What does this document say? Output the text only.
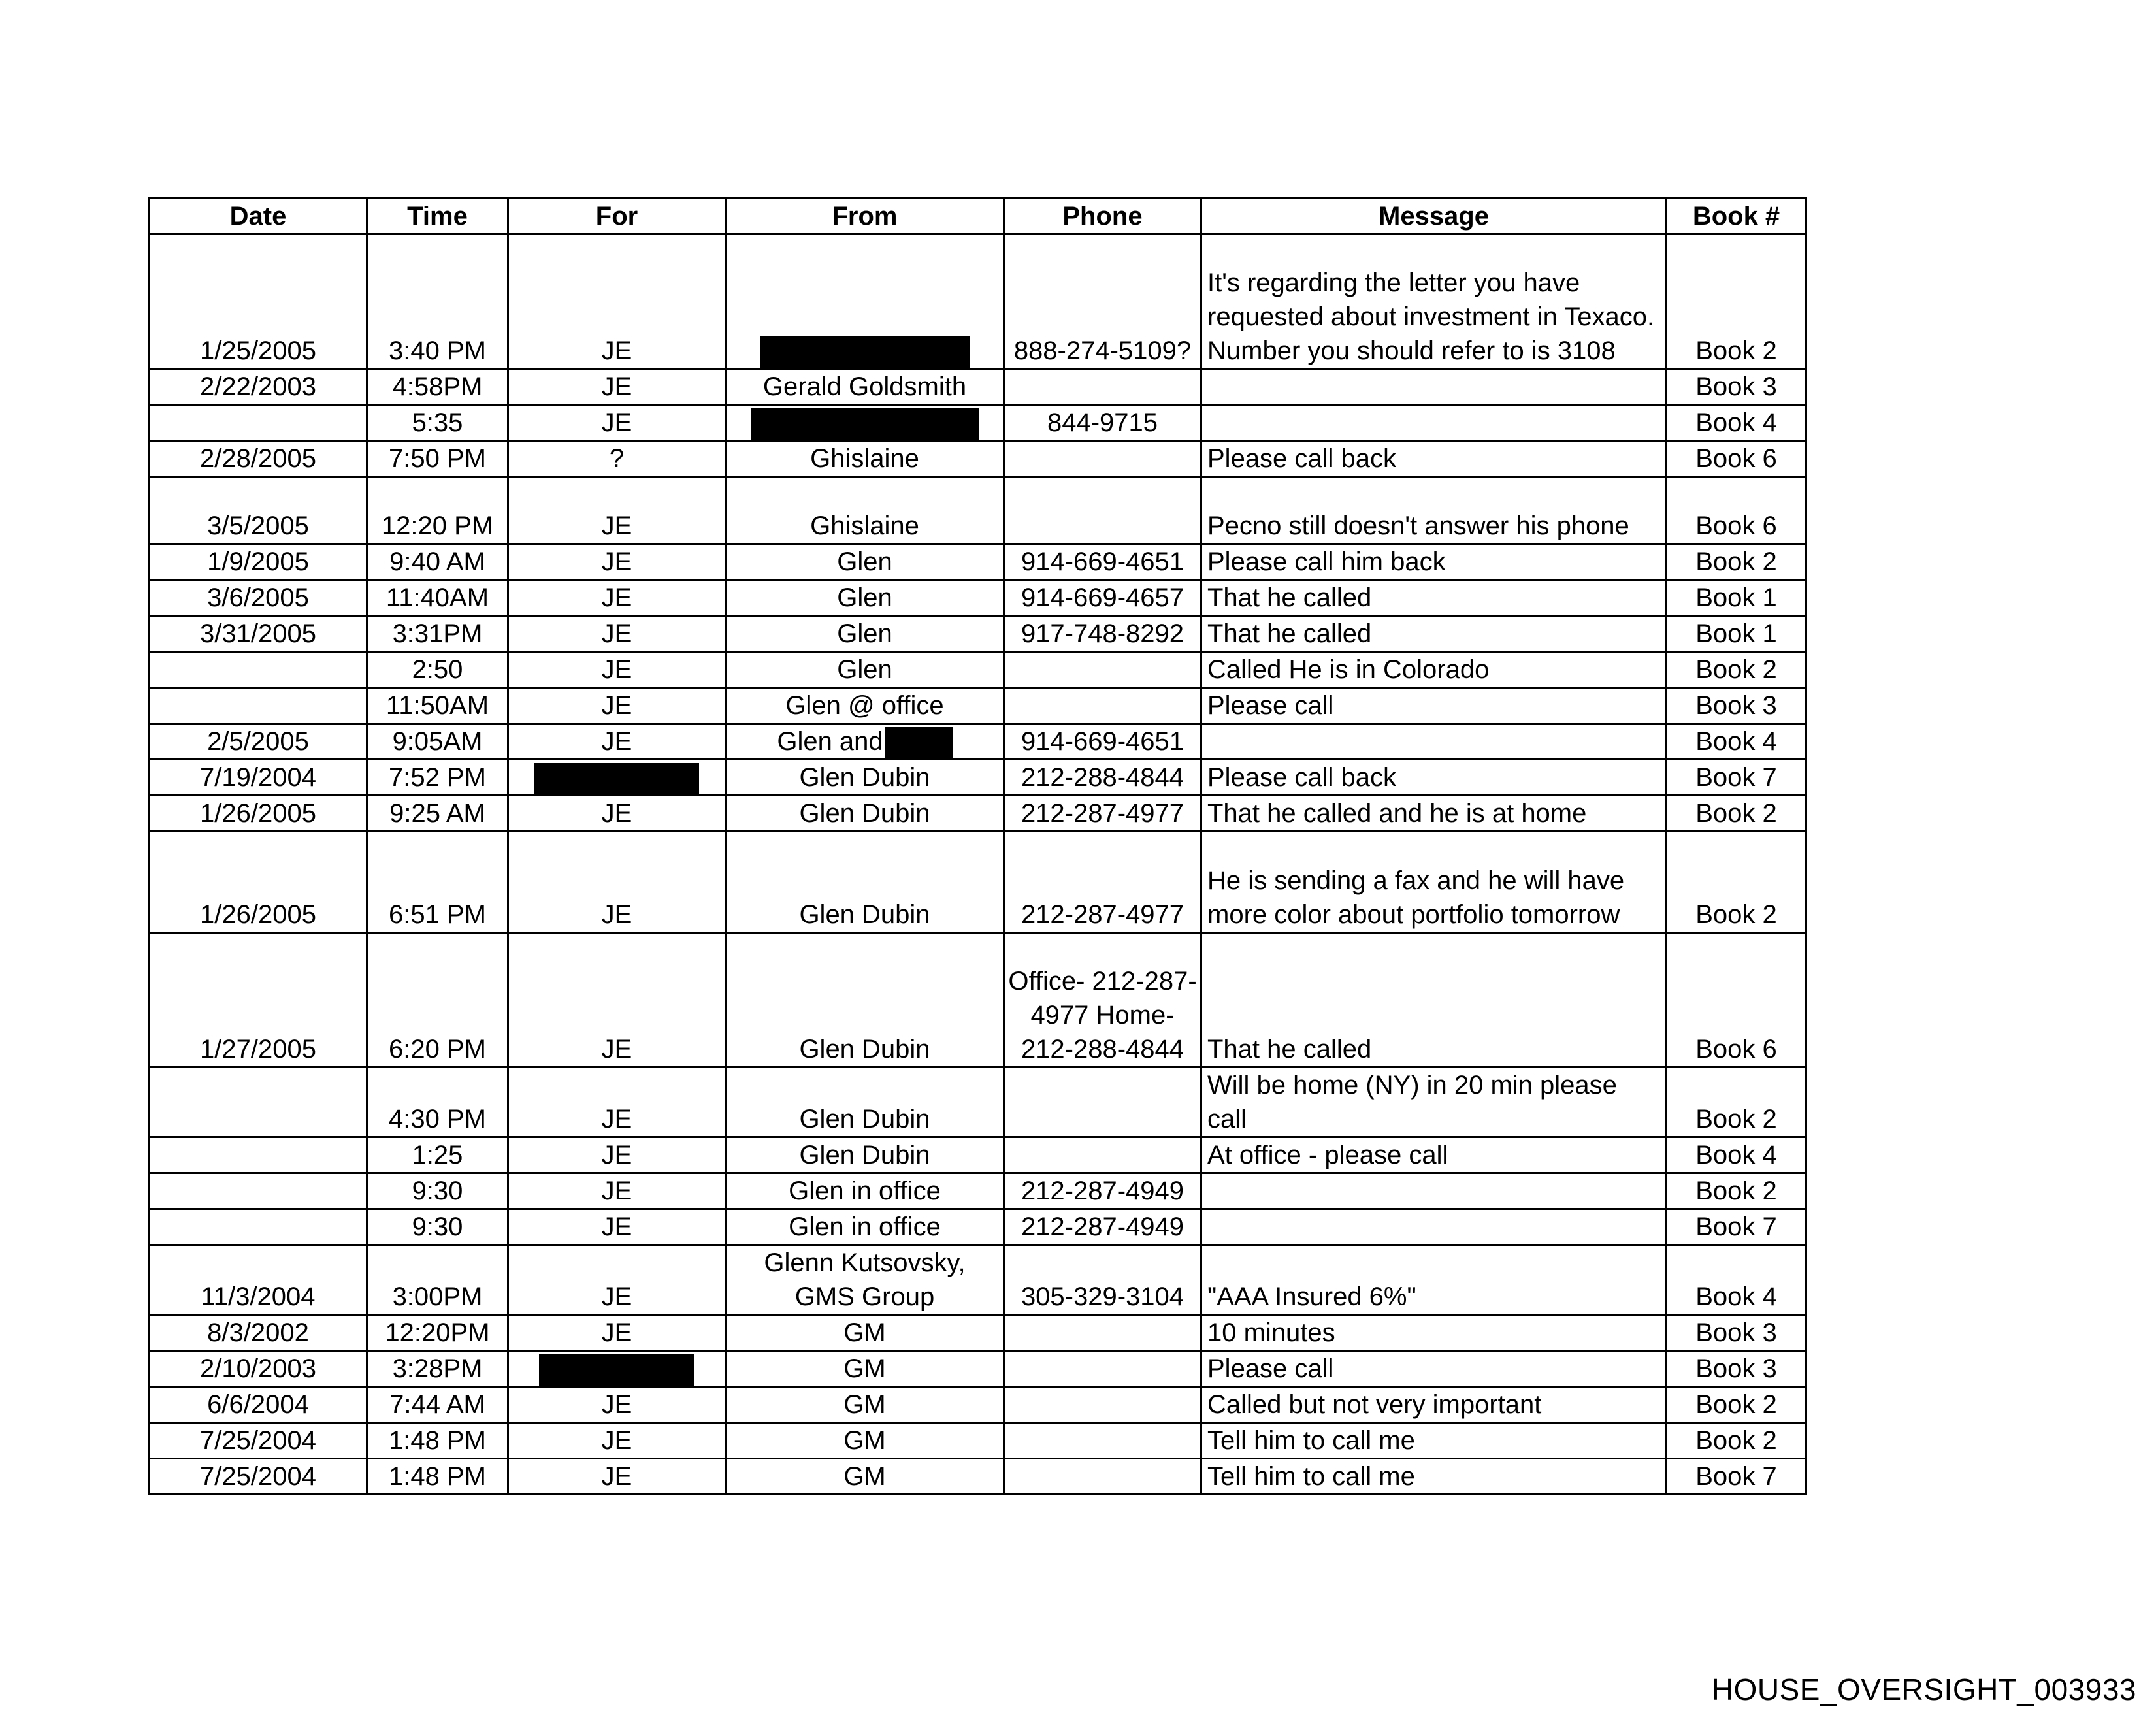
Date	Time	For	From	Phone	Message	Book #
1/25/2005	3:40 PM	JE		888-274-5109?	It's regarding the letter you have requested about investment in Texaco. Number you should refer to is 3108	Book 2
2/22/2003	4:58PM	JE	Gerald Goldsmith			Book 3
	5:35	JE		844-9715		Book 4
2/28/2005	7:50 PM	?	Ghislaine		Please call back	Book 6
3/5/2005	12:20 PM	JE	Ghislaine		Pecno still doesn't answer his phone	Book 6
1/9/2005	9:40 AM	JE	Glen	914-669-4651	Please call him back	Book 2
3/6/2005	11:40AM	JE	Glen	914-669-4657	That he called	Book 1
3/31/2005	3:31PM	JE	Glen	917-748-8292	That he called	Book 1
	2:50	JE	Glen		Called He is in Colorado	Book 2
	11:50AM	JE	Glen @ office		Please call	Book 3
2/5/2005	9:05AM	JE	Glen and	914-669-4651		Book 4
7/19/2004	7:52 PM		Glen Dubin	212-288-4844	Please call back	Book 7
1/26/2005	9:25 AM	JE	Glen Dubin	212-287-4977	That he called and he is at home	Book 2
1/26/2005	6:51 PM	JE	Glen Dubin	212-287-4977	He is sending a fax and he will have more color about portfolio tomorrow	Book 2
1/27/2005	6:20 PM	JE	Glen Dubin	Office- 212-287-4977 Home- 212-288-4844	That he called	Book 6
	4:30 PM	JE	Glen Dubin		Will be home (NY) in 20 min please call	Book 2
	1:25	JE	Glen Dubin		At office - please call	Book 4
	9:30	JE	Glen in office	212-287-4949		Book 2
	9:30	JE	Glen in office	212-287-4949		Book 7
11/3/2004	3:00PM	JE	Glenn Kutsovsky, GMS Group	305-329-3104	"AAA Insured 6%"	Book 4
8/3/2002	12:20PM	JE	GM		10 minutes	Book 3
2/10/2003	3:28PM		GM		Please call	Book 3
6/6/2004	7:44 AM	JE	GM		Called but not very important	Book 2
7/25/2004	1:48 PM	JE	GM		Tell him to call me	Book 2
7/25/2004	1:48 PM	JE	GM		Tell him to call me	Book 7
HOUSE_OVERSIGHT_003933
